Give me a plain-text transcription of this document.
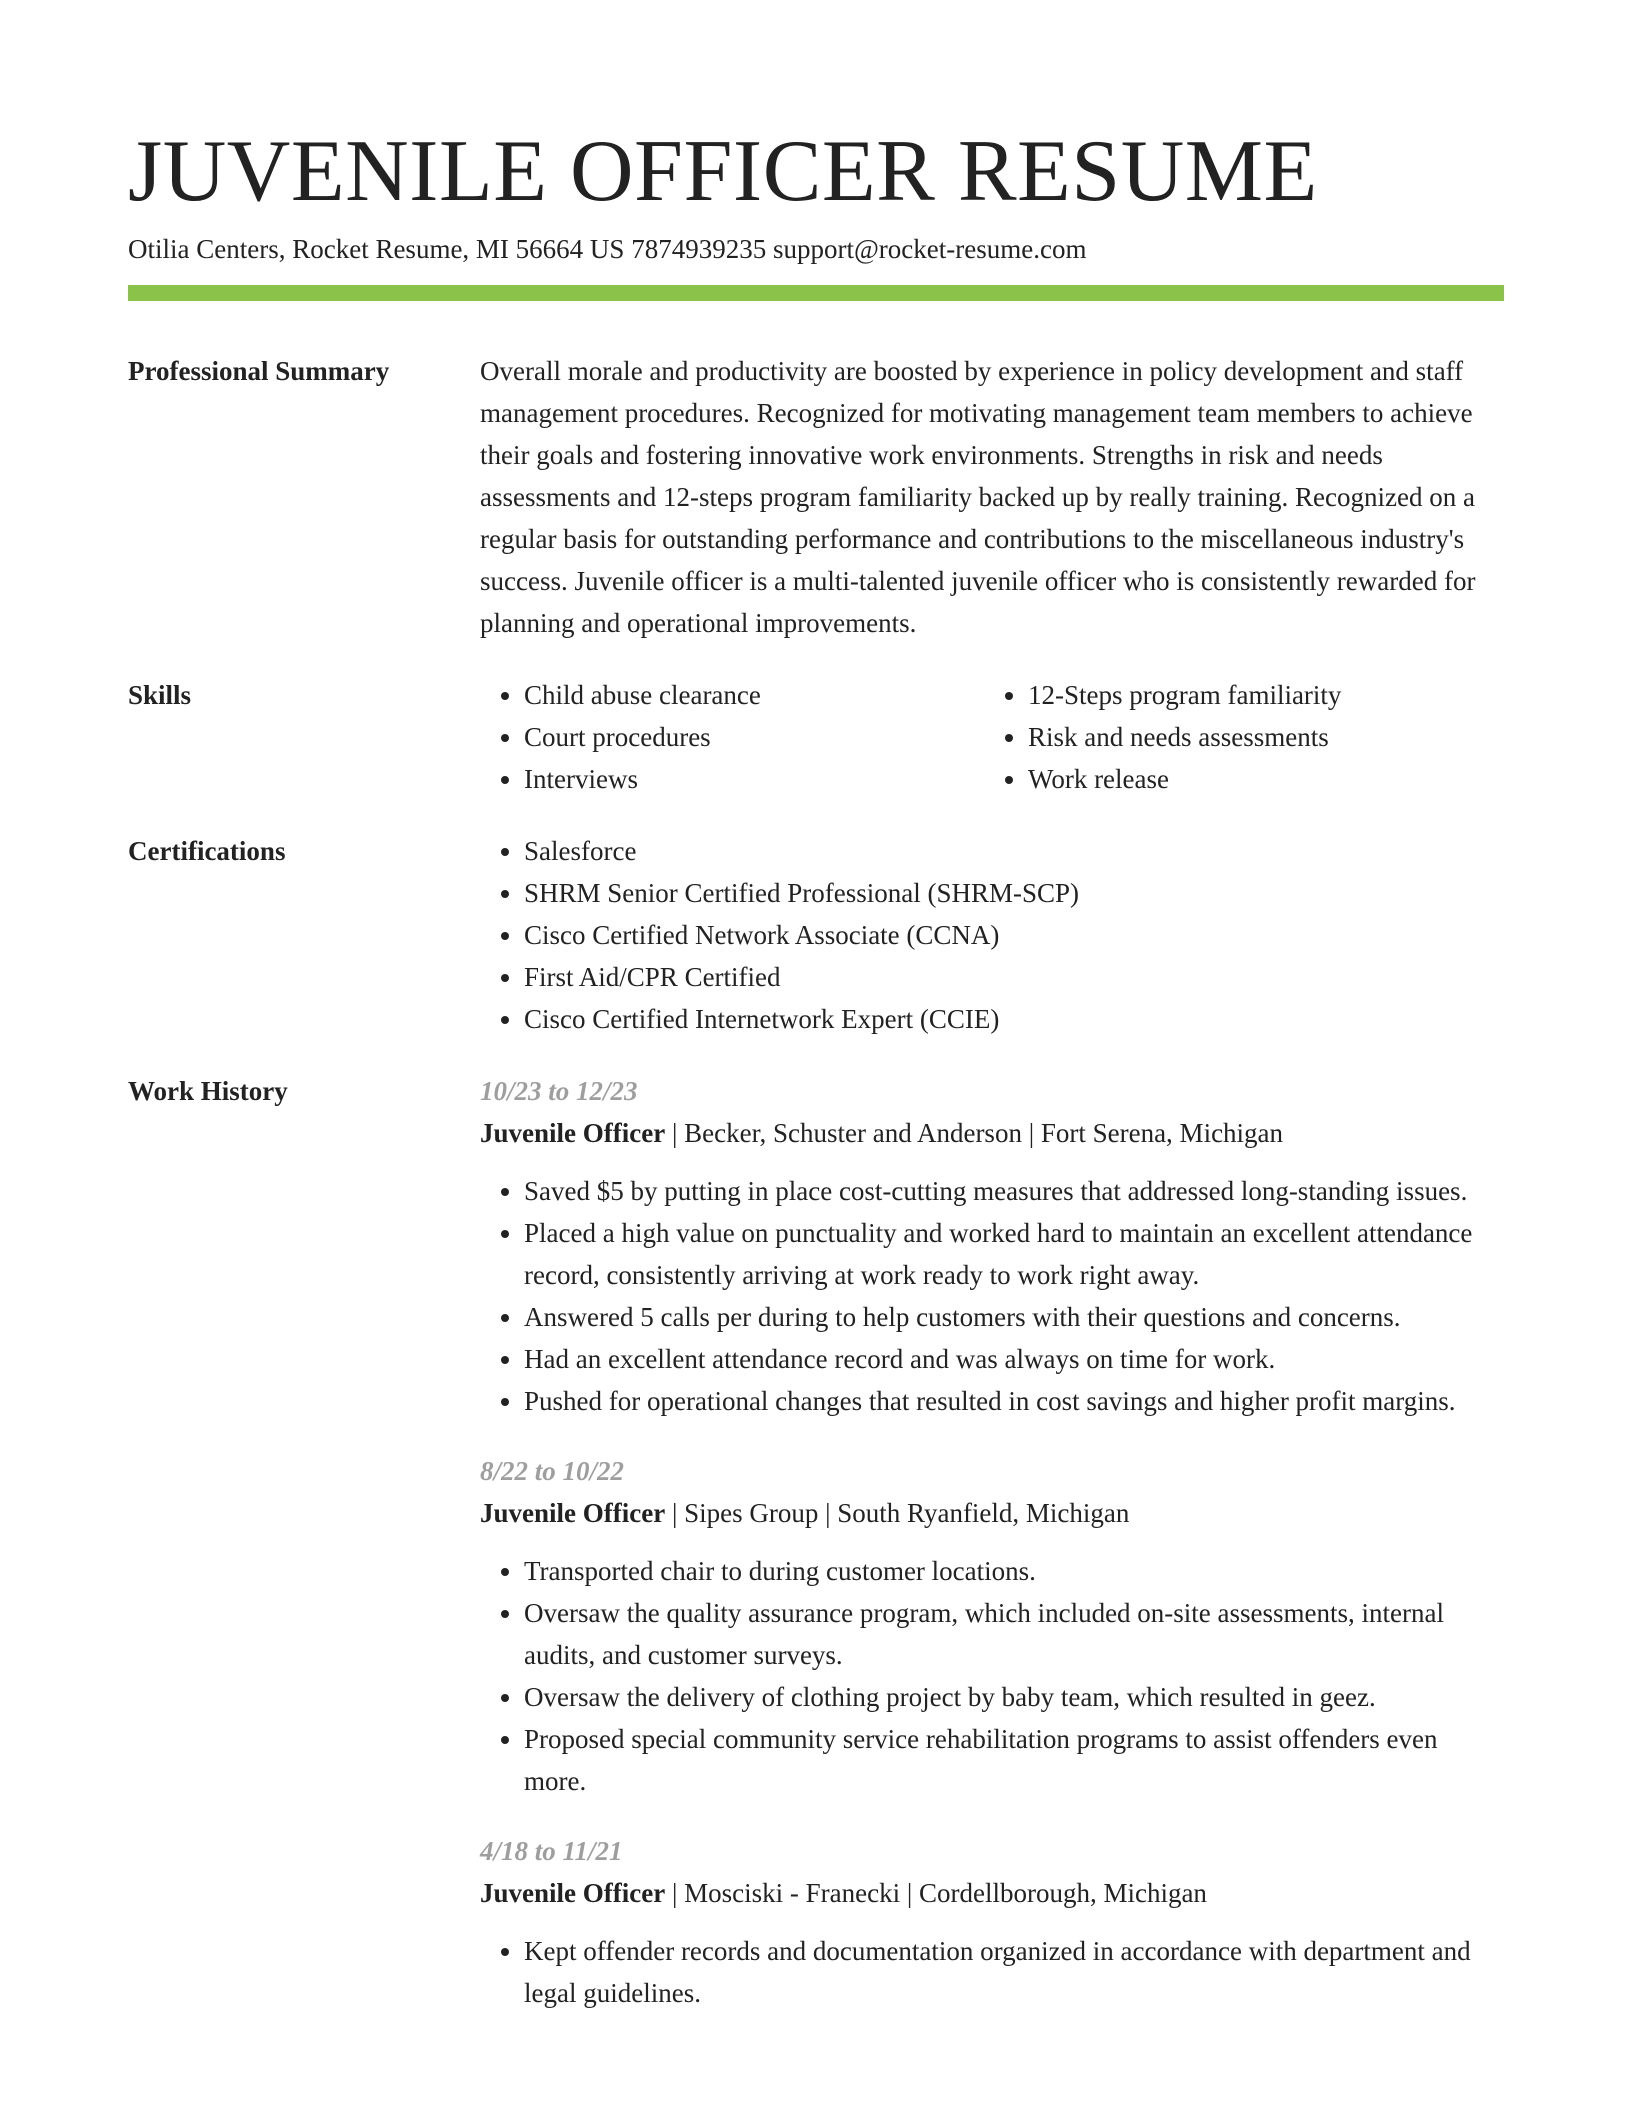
JUVENILE OFFICER RESUME
Otilia Centers, Rocket Resume, MI 56664 US 7874939235 support@rocket-resume.com
Professional Summary	Overall morale and productivity are boosted by experience in policy development and staff management procedures. Recognized for motivating management team members to achieve their goals and fostering innovative work environments. Strengths in risk and needs assessments and 12-steps program familiarity backed up by really training. Recognized on a regular basis for outstanding performance and contributions to the miscellaneous industry's success. Juvenile officer is a multi-talented juvenile officer who is consistently rewarded for planning and operational improvements.

Skills	• Child abuse clearance
• Court procedures
• Interviews
• 12-Steps program familiarity
• Risk and needs assessments
• Work release
Certifications	• Salesforce
• SHRM Senior Certified Professional (SHRM-SCP)
• Cisco Certified Network Associate (CCNA)
• First Aid/CPR Certified
• Cisco Certified Internetwork Expert (CCIE)
Work History	10/23 to 12/23
Juvenile Officer | Becker, Schuster and Anderson | Fort Serena, Michigan
• Saved $5 by putting in place cost-cutting measures that addressed long-standing issues.
• Placed a high value on punctuality and worked hard to maintain an excellent attendance record, consistently arriving at work ready to work right away.
• Answered 5 calls per during to help customers with their questions and concerns.
• Had an excellent attendance record and was always on time for work.
• Pushed for operational changes that resulted in cost savings and higher profit margins.
8/22 to 10/22
Juvenile Officer | Sipes Group | South Ryanfield, Michigan
• Transported chair to during customer locations.
• Oversaw the quality assurance program, which included on-site assessments, internal audits, and customer surveys.
• Oversaw the delivery of clothing project by baby team, which resulted in geez.
• Proposed special community service rehabilitation programs to assist offenders even more.
4/18 to 11/21
Juvenile Officer | Mosciski - Franecki | Cordellborough, Michigan
• Kept offender records and documentation organized in accordance with department and legal guidelines.
